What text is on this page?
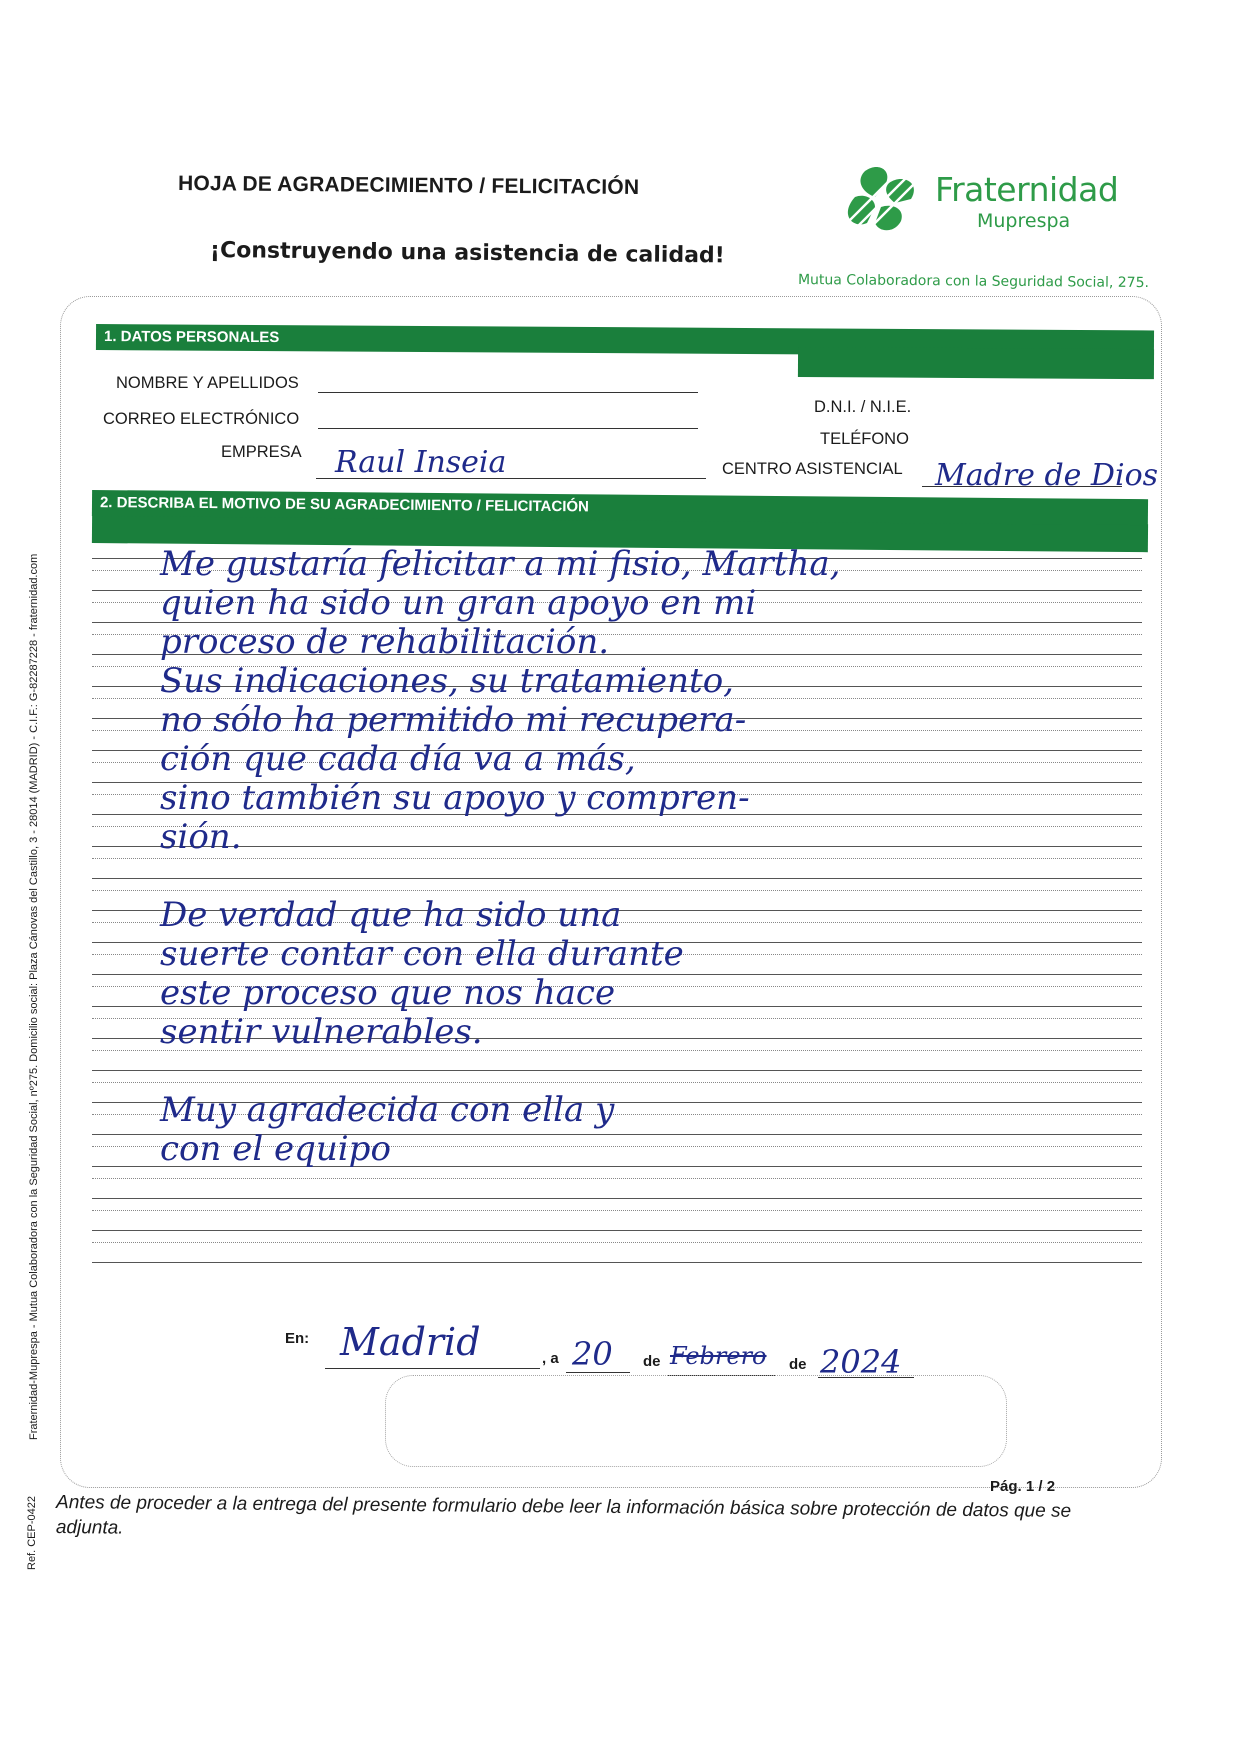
HOJA DE AGRADECIMIENTO / FELICITACIÓN
¡Construyendo una asistencia de calidad!
Fraternidad
Muprespa
Mutua Colaboradora con la Seguridad Social, 275.
1. DATOS PERSONALES
NOMBRE Y APELLIDOS
CORREO ELECTRÓNICO
EMPRESA Raul Inseia
D.N.I. / N.I.E.
TELÉFONO
CENTRO ASISTENCIAL Madre de Dios
2. DESCRIBA EL MOTIVO DE SU AGRADECIMIENTO / FELICITACIÓN

Me gustaría felicitar a mi fisio, Martha,

quien ha sido un gran apoyo en mi

proceso de rehabilitación.

Sus indicaciones, su tratamiento,

no sólo ha permitido mi recupera-

ción que cada día va a más,

sino también su apoyo y compren-

sión.

De verdad que ha sido una

suerte contar con ella durante

este proceso que nos hace

sentir vulnerables.

Muy agradecida con ella y

con el equipo

En: Madrid	, a 20 de Febrero de 2024
Pág. 1 / 2
Antes de proceder a la entrega del presente formulario debe leer la información básica sobre protección de datos que se adjunta.
Fraternidad-Muprespa - Mutua Colaboradora con la Seguridad Social, nº275. Domicilio social: Plaza Cánovas del Castillo, 3 - 28014 (MADRID) - C.I.F.: G-82287228 - fraternidad.com
Ref. CEP-0422
